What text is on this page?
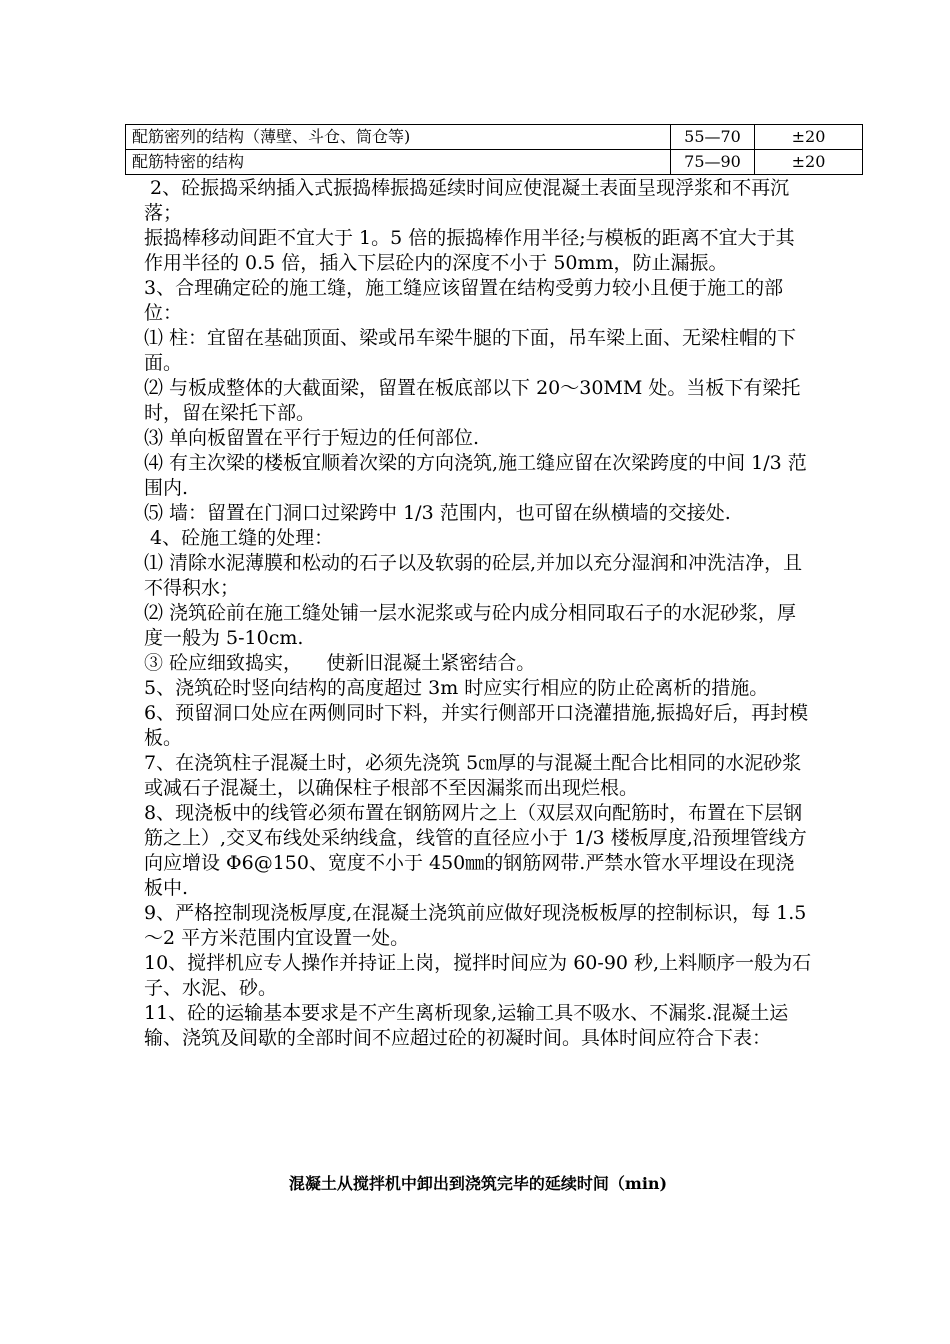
配筋密列的结构（薄壁、斗仓、筒仓等)	55—70	±20
配筋特密的结构	75—90	±20

2、砼振捣采纳插入式振捣棒振捣延续时间应使混凝土表面呈现浮浆和不再沉落；

振捣棒移动间距不宜大于 1。5 倍的振捣棒作用半径;与模板的距离不宜大于其作用半径的 0.5 倍，插入下层砼内的深度不小于 50mm，防止漏振。

3、合理确定砼的施工缝，施工缝应该留置在结构受剪力较小且便于施工的部位：

⑴ 柱：宜留在基础顶面、梁或吊车梁牛腿的下面，吊车梁上面、无梁柱帽的下面。

⑵ 与板成整体的大截面梁，留置在板底部以下 20～30MM 处。当板下有梁托时，留在梁托下部。

⑶ 单向板留置在平行于短边的任何部位.

⑷ 有主次梁的楼板宜顺着次梁的方向浇筑,施工缝应留在次梁跨度的中间 1/3 范围内.

⑸ 墙：留置在门洞口过梁跨中 1/3 范围内，也可留在纵横墙的交接处.

4、砼施工缝的处理：

⑴ 清除水泥薄膜和松动的石子以及软弱的砼层,并加以充分湿润和冲洗洁净，且不得积水；

⑵ 浇筑砼前在施工缝处铺一层水泥浆或与砼内成分相同取石子的水泥砂浆，厚度一般为 5-10cm.

③ 砼应细致捣实，    使新旧混凝土紧密结合。

5、浇筑砼时竖向结构的高度超过 3m 时应实行相应的防止砼离析的措施。

6、预留洞口处应在两侧同时下料，并实行侧部开口浇灌措施,振捣好后，再封模板。

7、在浇筑柱子混凝土时，必须先浇筑 5㎝厚的与混凝土配合比相同的水泥砂浆或减石子混凝土，以确保柱子根部不至因漏浆而出现烂根。

8、现浇板中的线管必须布置在钢筋网片之上（双层双向配筋时，布置在下层钢筋之上）,交叉布线处采纳线盒，线管的直径应小于 1/3 楼板厚度,沿预埋管线方向应增设 Φ6@150、宽度不小于 450㎜的钢筋网带.严禁水管水平埋设在现浇板中.

9、严格控制现浇板厚度,在混凝土浇筑前应做好现浇板板厚的控制标识，每 1.5～2 平方米范围内宜设置一处。

10、搅拌机应专人操作并持证上岗，搅拌时间应为 60-90 秒,上料顺序一般为石子、水泥、砂。

11、砼的运输基本要求是不产生离析现象,运输工具不吸水、不漏浆.混凝土运输、浇筑及间歇的全部时间不应超过砼的初凝时间。具体时间应符合下表：

混凝土从搅拌机中卸出到浇筑完毕的延续时间（min)
